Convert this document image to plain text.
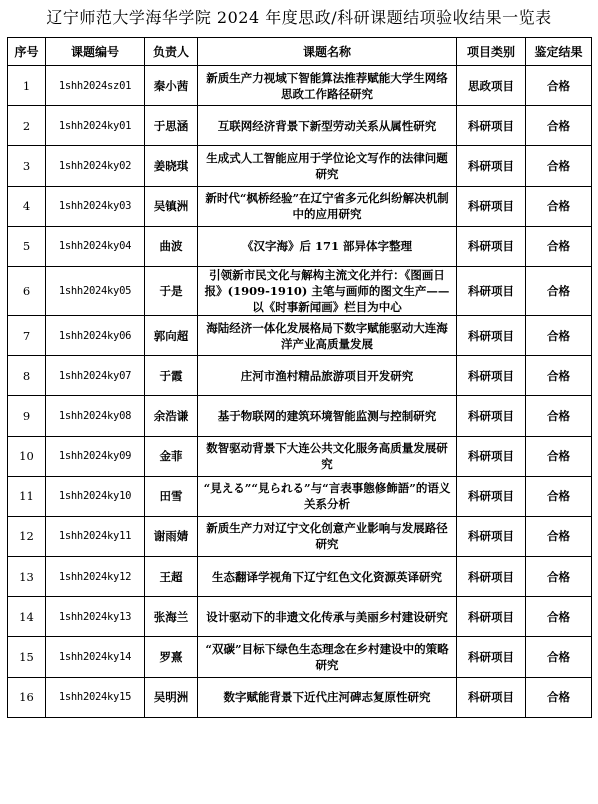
辽宁师范大学海华学院 2024 年度思政/科研课题结项验收结果一览表
序号	课题编号	负责人	课题名称	项目类别	鉴定结果
1	1shh2024sz01	秦小茜	新质生产力视域下智能算法推荐赋能大学生网络思政工作路径研究	思政项目	合格
2	1shh2024ky01	于思涵	互联网经济背景下新型劳动关系从属性研究	科研项目	合格
3	1shh2024ky02	姜晓琪	生成式人工智能应用于学位论文写作的法律问题研究	科研项目	合格
4	1shh2024ky03	吴镇洲	新时代“枫桥经验”在辽宁省多元化纠纷解决机制中的应用研究	科研项目	合格
5	1shh2024ky04	曲波	《汉字海》后 171 部异体字整理	科研项目	合格
6	1shh2024ky05	于是	引领新市民文化与解构主流文化并行：《图画日报》(1909-1910) 主笔与画师的图文生产——以《时事新闻画》栏目为中心	科研项目	合格
7	1shh2024ky06	郭向超	海陆经济一体化发展格局下数字赋能驱动大连海洋产业高质量发展	科研项目	合格
8	1shh2024ky07	于霞	庄河市渔村精品旅游项目开发研究	科研项目	合格
9	1shh2024ky08	余浩谦	基于物联网的建筑环境智能监测与控制研究	科研项目	合格
10	1shh2024ky09	金菲	数智驱动背景下大连公共文化服务高质量发展研究	科研项目	合格
11	1shh2024ky10	田雪	“見える”“見られる”与“言表事態修飾語”的语义关系分析	科研项目	合格
12	1shh2024ky11	谢雨婧	新质生产力对辽宁文化创意产业影响与发展路径研究	科研项目	合格
13	1shh2024ky12	王超	生态翻译学视角下辽宁红色文化资源英译研究	科研项目	合格
14	1shh2024ky13	张海兰	设计驱动下的非遗文化传承与美丽乡村建设研究	科研项目	合格
15	1shh2024ky14	罗熹	“双碳”目标下绿色生态理念在乡村建设中的策略研究	科研项目	合格
16	1shh2024ky15	吴明洲	数字赋能背景下近代庄河碑志复原性研究	科研项目	合格
